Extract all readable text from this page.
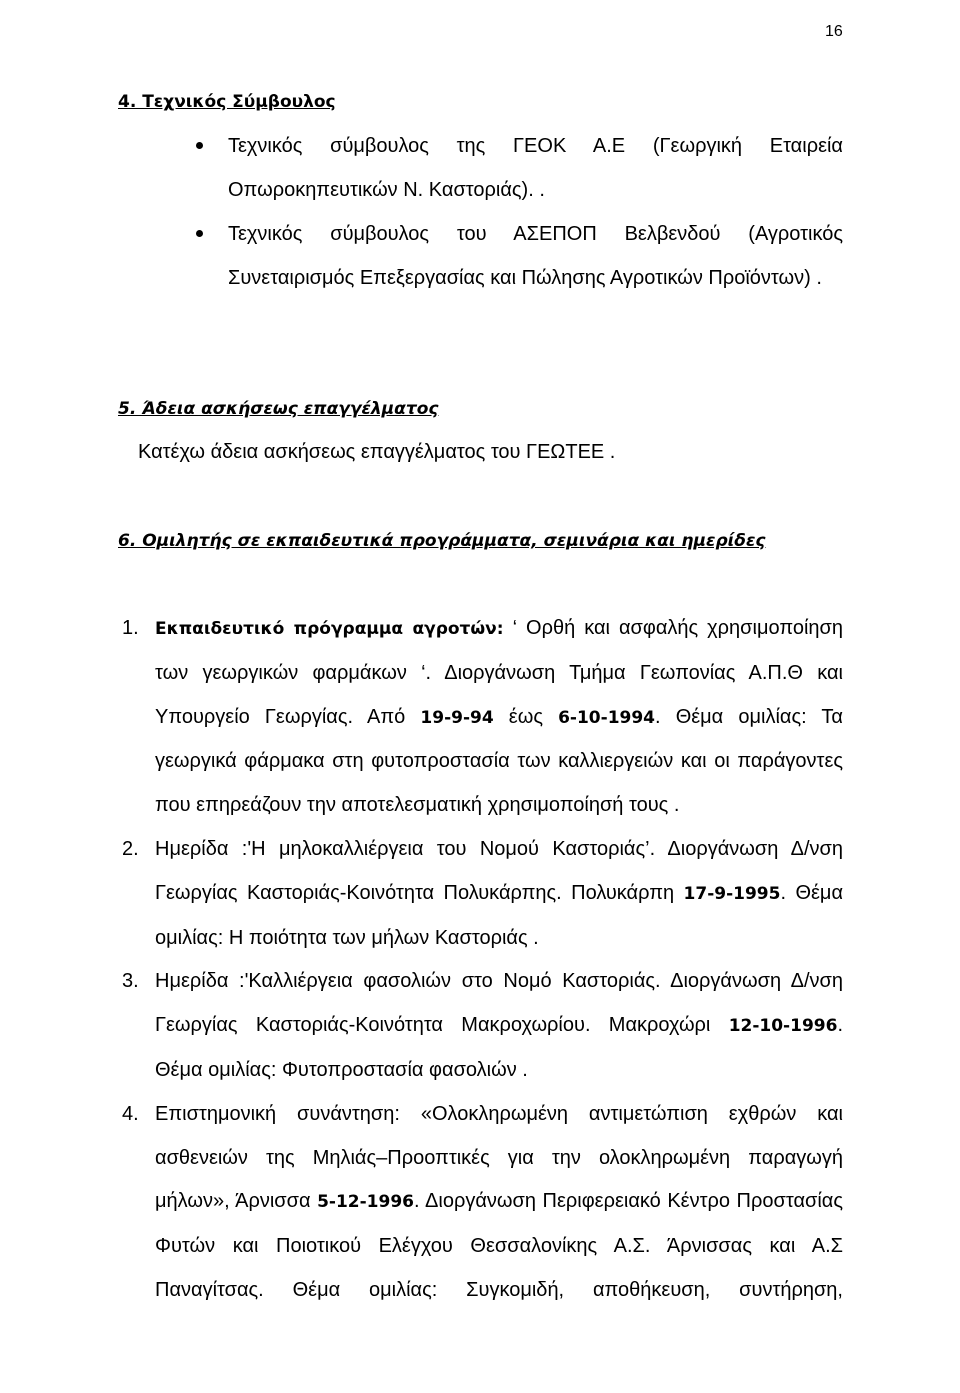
16
4. Τεχνικός Σύμβουλος
Τεχνικός σύμβουλος της ΓΕΟΚ Α.Ε (Γεωργική Εταιρεία Οπωροκηπευτικών Ν. Καστοριάς). .
Τεχνικός σύμβουλος του ΑΣΕΠΟΠ Βελβενδού (Αγροτικός Συνεταιρισμός Επεξεργασίας και Πώλησης Αγροτικών Προϊόντων) .
5. Άδεια ασκήσεως επαγγέλματος

Κατέχω άδεια ασκήσεως επαγγέλματος του ΓΕΩΤΕΕ .

6. Ομιλητής σε εκπαιδευτικά προγράμματα, σεμινάρια και ημερίδες
1. Εκπαιδευτικό πρόγραμμα αγροτών: ‘ Ορθή και ασφαλής χρησιμοποίηση των γεωργικών φαρμάκων ‘. Διοργάνωση Τμήμα Γεωπονίας Α.Π.Θ και Υπουργείο Γεωργίας. Από 19-9-94 έως 6-10-1994. Θέμα ομιλίας: Τα γεωργικά φάρμακα στη φυτοπροστασία των καλλιεργειών και οι παράγοντες που επηρεάζουν την αποτελεσματική χρησιμοποίησή τους .
2. Ημερίδα :'Η μηλοκαλλιέργεια του Νομού Καστοριάς’. Διοργάνωση Δ/νση Γεωργίας Καστοριάς-Κοινότητα Πολυκάρπης. Πολυκάρπη 17-9-1995. Θέμα ομιλίας: Η ποιότητα των μήλων Καστοριάς .
3. Ημερίδα :'Καλλιέργεια φασολιών στο Νομό Καστοριάς. Διοργάνωση Δ/νση Γεωργίας Καστοριάς-Κοινότητα Μακροχωρίου. Μακροχώρι 12-10-1996. Θέμα ομιλίας: Φυτοπροστασία φασολιών .
4. Επιστημονική συνάντηση: «Ολοκληρωμένη αντιμετώπιση εχθρών και ασθενειών της Μηλιάς–Προοπτικές για την ολοκληρωμένη παραγωγή μήλων», Άρνισσα 5-12-1996. Διοργάνωση Περιφερειακό Κέντρο Προστασίας Φυτών και Ποιοτικού Ελέγχου Θεσσαλονίκης Α.Σ. Άρνισσας και Α.Σ Παναγίτσας. Θέμα ομιλίας: Συγκομιδή, αποθήκευση, συντήρηση,
